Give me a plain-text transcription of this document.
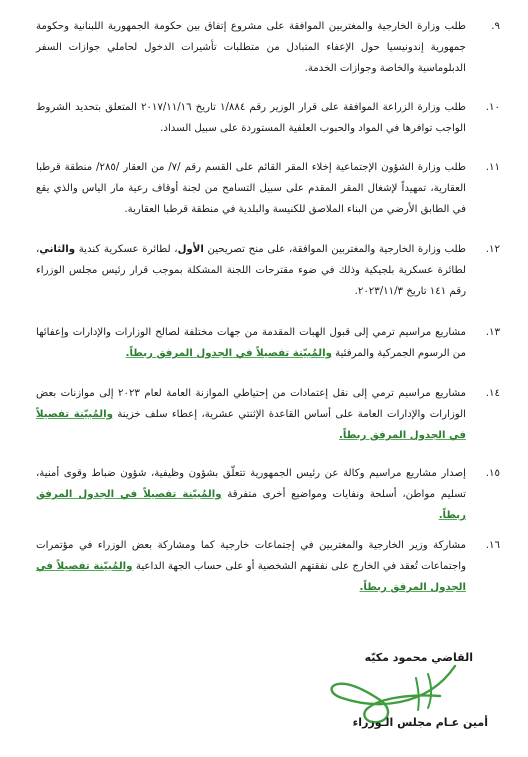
٩.
طلب وزارة الخارجية والمغتربين الموافقة على مشروع إتفاق بين حكومة الجمهورية اللبنانية وحكومة جمهورية إندونيسيا حول الإعفاء المتبادل من متطلبات تأشيرات الدخول لحاملي جوازات السفر الدبلوماسية والخاصة وجوازات الخدمة.
١٠.
طلب وزارة الزراعة الموافقة على قرار الوزير رقم ١/٨٨٤ تاريخ ٢٠١٧/١١/١٦ المتعلق بتحديد الشروط الواجب توافرها في المواد والحبوب العلفية المستوردة على سبيل السداد.
١١.
طلب وزارة الشؤون الإجتماعية إخلاء المقر القائم على القسم رقم /٧/ من العقار /٢٨٥/ منطقة قرطبا العقارية، تمهيداً لإشغال المقر المقدم على سبيل التسامح من لجنة أوقاف رعية مار الياس والذي يقع في الطابق الأرضي من البناء الملاصق للكنيسة والبلدية في منطقة قرطبا العقارية.
١٢.
طلب وزارة الخارجية والمغتربين الموافقة، على منح تصريحين الأول، لطائرة عسكرية كندية والثاني، لطائرة عسكرية بلجيكية وذلك في ضوء مقترحات اللجنة المشكلة بموجب قرار رئيس مجلس الوزراء رقم ١٤١ تاريخ ٢٠٢٣/١١/٣.
١٣.
مشاريع مراسيم ترمي إلى قبول الهبات المقدمة من جهات مختلفة لصالح الوزارات والإدارات وإعفائها من الرسوم الجمركية والمرفئية والمُبيّنة تفصيلاً في الجدول المرفق ربطاً.
١٤.
مشاريع مراسيم ترمي إلى نقل إعتمادات من إحتياطي الموازنة العامة لعام ٢٠٢٣ إلى موازنات بعض الوزارات والإدارات العامة على أساس القاعدة الإثنتي عشرية، إعطاء سلف خزينة والمُبيّنة تفصيلاً في الجدول المرفق ربطاً.
١٥.
إصدار مشاريع مراسيم وكالة عن رئيس الجمهورية تتعلّق بشؤون وظيفية، شؤون ضباط وقوى أمنية، تسليم مواطن، أسلحة ونفايات ومواضيع أخرى متفرقة والمُبيّنة تفصيلاً في الجدول المرفق ربطاً.
١٦.
مشاركة وزير الخارجية والمغتربين في إجتماعات خارجية كما ومشاركة بعض الوزراء في مؤتمرات واجتماعات تُعقد في الخارج على نفقتهم الشخصية أو على حساب الجهة الداعية والمُبيّنة تفصيلاً في الجدول المرفق ربطاً.
القاضي محمود مكيّه
أمين عـام مجلس الـوزراء
